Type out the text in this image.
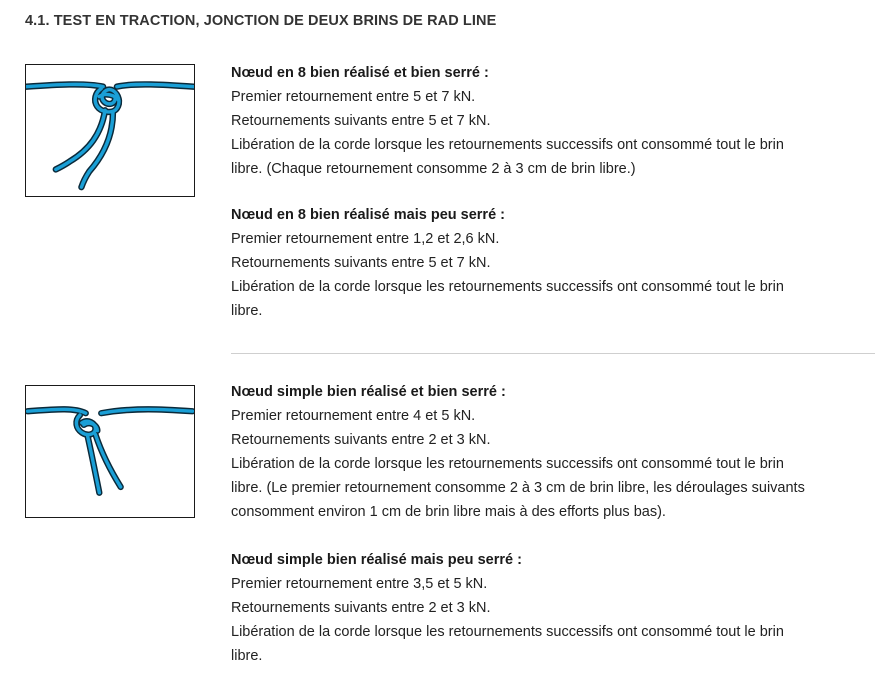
4.1. TEST EN TRACTION, JONCTION DE DEUX BRINS DE RAD LINE
Nœud en 8 bien réalisé et bien serré :
Premier retournement entre 5 et 7 kN.
Retournements suivants entre 5 et 7 kN.
Libération de la corde lorsque les retournements successifs ont consommé tout le brin
libre. (Chaque retournement consomme 2 à 3 cm de brin libre.)
Nœud en 8 bien réalisé mais peu serré :
Premier retournement entre 1,2 et 2,6 kN.
Retournements suivants entre 5 et 7 kN.
Libération de la corde lorsque les retournements successifs ont consommé tout le brin
libre.
Nœud simple bien réalisé et bien serré :
Premier retournement entre 4 et 5 kN.
Retournements suivants entre 2 et 3 kN.
Libération de la corde lorsque les retournements successifs ont consommé tout le brin
libre. (Le premier retournement consomme 2 à 3 cm de brin libre, les déroulages suivants
consomment environ 1 cm de brin libre mais à des efforts plus bas).
Nœud simple bien réalisé mais peu serré :
Premier retournement entre 3,5 et 5 kN.
Retournements suivants entre 2 et 3 kN.
Libération de la corde lorsque les retournements successifs ont consommé tout le brin
libre.
